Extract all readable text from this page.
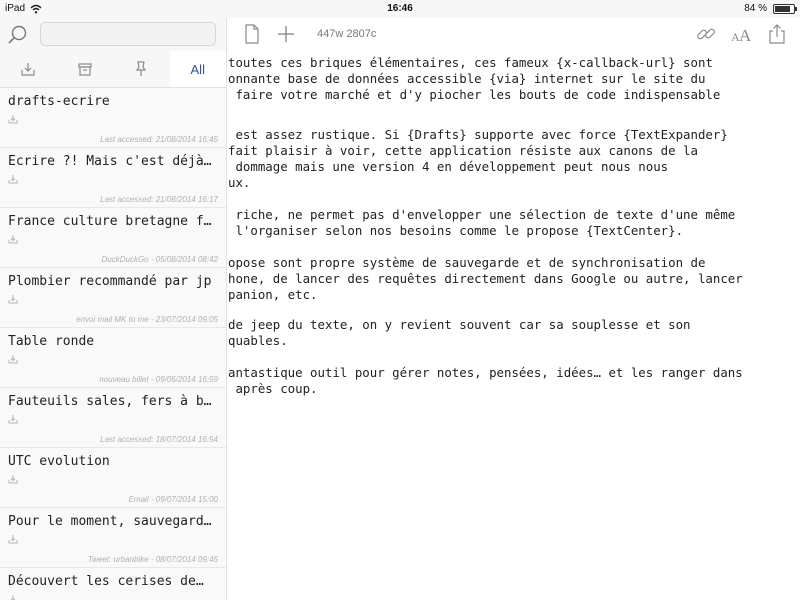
iPad	16:46	84 %
All
drafts-ecrire
Last accessed: 21/08/2014 16:45
Écrire ?! Mais c'est déjà…
Last accessed: 21/08/2014 16:17
France culture bretagne f…
DuckDuckGo - 05/08/2014 08:42
Plombier recommandé par jp
envoi mail MK to me - 23/07/2014 09:05
Table ronde
nouveau billet - 09/05/2014 16:59
Fauteuils sales, fers à b…
Last accessed: 18/07/2014 16:54
UTC evolution
Email - 09/07/2014 15:00
Pour le moment, sauvegard…
Tweet: urbanbike - 08/07/2014 09:45
Découvert les cerises de…
447w 2807c	A A
toutes ces briques élémentaires, ces fameux {x-callback-url} sont
onnante base de données accessible {via} internet sur le site du
faire votre marché et d'y piocher les bouts de code indispensable
est assez rustique. Si {Drafts} supporte avec force {TextExpander}
fait plaisir à voir, cette application résiste aux canons de la
dommage mais une version 4 en développement peut nous nous
ux.
riche, ne permet pas d'envelopper une sélection de texte d'une même
l'organiser selon nos besoins comme le propose {TextCenter}.
opose sont propre système de sauvegarde et de synchronisation de
hone, de lancer des requêtes directement dans Google ou autre, lancer
panion, etc.
de jeep du texte, on y revient souvent car sa souplesse et son
quables.
antastique outil pour gérer notes, pensées, idées… et les ranger dans
après coup.
